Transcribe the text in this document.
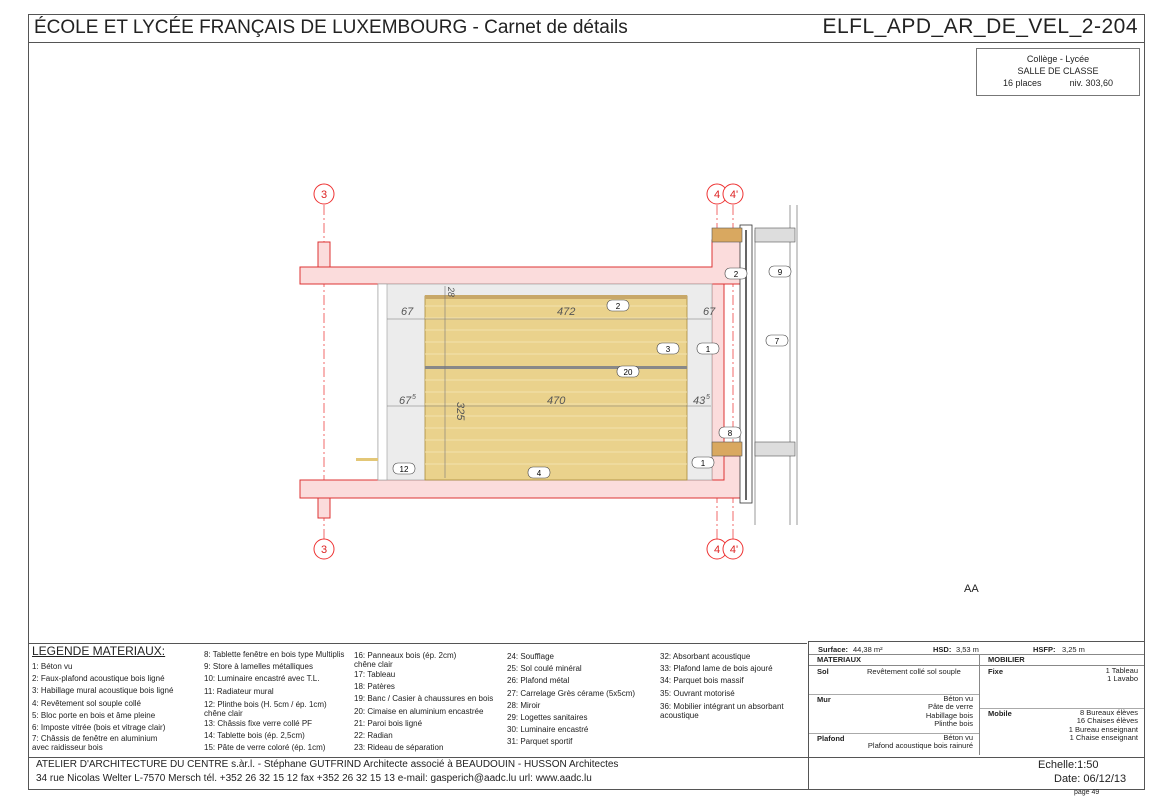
ÉCOLE ET LYCÉE FRANÇAIS DE LUXEMBOURG - Carnet de détails	ELFL_APD_AR_DE_VEL_2-204
Collège - Lycée
SALLE DE CLASSE
16 places	niv. 303,60
67	472	67
67 5	470	43 5
325
28
3
3
4 4'
4 4'
2
3	1
20
1
4
12
2	9
7
8
AA
LEGENDE MATERIAUX:
1: Béton vu
2: Faux-plafond acoustique bois ligné
3: Habillage mural acoustique bois ligné
4: Revêtement sol souple collé
5: Bloc porte en bois et âme pleine
6: Imposte vitrée (bois et vitrage clair)
7: Châssis de fenêtre en aluminium
avec raidisseur bois
8: Tablette fenêtre en bois type Multiplis
9: Store à lamelles métalliques
10: Luminaire encastré avec T.L.
11: Radiateur mural
12: Plinthe bois (H. 5cm / ép. 1cm)
chêne clair
13: Châssis fixe verre collé PF
14: Tablette bois (ép. 2,5cm)
15: Pâte de verre coloré (ép. 1cm)
16: Panneaux bois (ép. 2cm)
chêne clair
17: Tableau
18: Patères
19: Banc / Casier à chaussures en bois
20: Cimaise en aluminium encastrée
21: Paroi bois ligné
22: Radian
23: Rideau de séparation
24: Soufflage
25: Sol coulé minéral
26: Plafond métal
27: Carrelage Grès cérame (5x5cm)
28: Miroir
29: Logettes sanitaires
30: Luminaire encastré
31: Parquet sportif
32: Absorbant acoustique
33: Plafond lame de bois ajouré
34: Parquet bois massif
35: Ouvrant motorisé
36: Mobilier intégrant un absorbant
acoustique
Surface: 44,38 m²	HSD: 3,53 m	HSFP: 3,25 m
MATERIAUX
Sol	Revêtement collé sol souple
Mur	Béton vu
Pâte de verre
Habillage bois
Plinthe bois
Plafond	Béton vu
Plafond acoustique bois rainuré
MOBILIER
Fixe	1 Tableau
1 Lavabo
Mobile	8 Bureaux élèves
16 Chaises élèves
1 Bureau enseignant
1 Chaise enseignant
ATELIER D'ARCHITECTURE DU CENTRE s.àr.l. - Stéphane GUTFRIND Architecte associé à BEAUDOUIN - HUSSON Architectes
34 rue Nicolas Welter L-7570 Mersch tél. +352 26 32 15 12 fax +352 26 32 15 13 e-mail: gasperich@aadc.lu url: www.aadc.lu
Echelle:1:50
Date: 06/12/13
page 49
